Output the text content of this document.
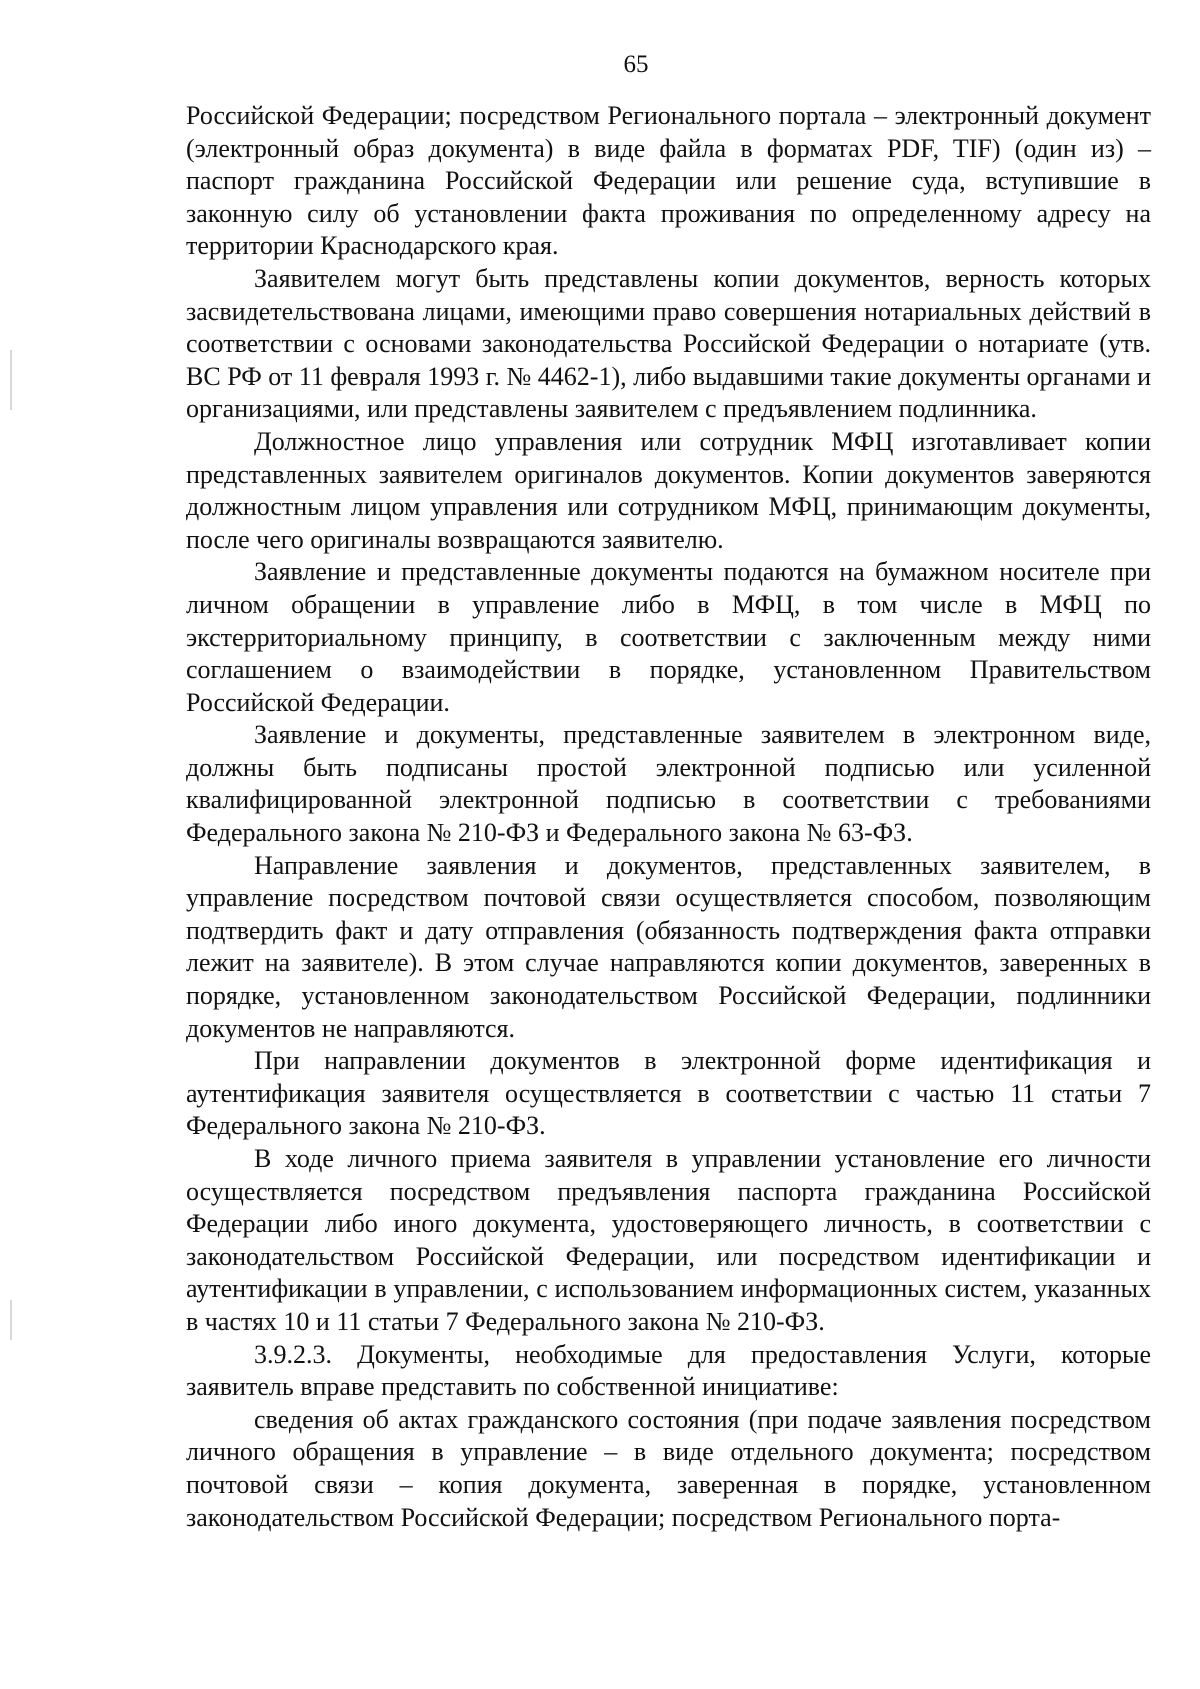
65

Российской Федерации; посредством Регионального портала – электронный документ (электронный образ документа) в виде файла в форматах PDF, TIF) (один из) – паспорт гражданина Российской Федерации или решение суда, вступившие в законную силу об установлении факта проживания по определенному адресу на территории Краснодарского края.

Заявителем могут быть представлены копии документов, верность которых засвидетельствована лицами, имеющими право совершения нотариальных действий в соответствии с основами законодательства Российской Федерации о нотариате (утв. ВС РФ от 11 февраля 1993 г. № 4462-1), либо выдавшими такие документы органами и организациями, или представлены заявителем с предъявлением подлинника.

Должностное лицо управления или сотрудник МФЦ изготавливает копии представленных заявителем оригиналов документов. Копии документов заверяются должностным лицом управления или сотрудником МФЦ, принимающим документы, после чего оригиналы возвращаются заявителю.

Заявление и представленные документы подаются на бумажном носителе при личном обращении в управление либо в МФЦ, в том числе в МФЦ по экстерриториальному принципу, в соответствии с заключенным между ними соглашением о взаимодействии в порядке, установленном Правительством Российской Федерации.

Заявление и документы, представленные заявителем в электронном виде, должны быть подписаны простой электронной подписью или усиленной квалифицированной электронной подписью в соответствии с требованиями Федерального закона № 210-ФЗ и Федерального закона № 63-ФЗ.

Направление заявления и документов, представленных заявителем, в управление посредством почтовой связи осуществляется способом, позволяющим подтвердить факт и дату отправления (обязанность подтверждения факта отправки лежит на заявителе). В этом случае направляются копии документов, заверенных в порядке, установленном законодательством Российской Федерации, подлинники документов не направляются.

При направлении документов в электронной форме идентификация и аутентификация заявителя осуществляется в соответствии с частью 11 статьи 7 Федерального закона № 210-ФЗ.

В ходе личного приема заявителя в управлении установление его личности осуществляется посредством предъявления паспорта гражданина Российской Федерации либо иного документа, удостоверяющего личность, в соответствии с законодательством Российской Федерации, или посредством идентификации и аутентификации в управлении, с использованием информационных систем, указанных в частях 10 и 11 статьи 7 Федерального закона № 210-ФЗ.

3.9.2.3. Документы, необходимые для предоставления Услуги, которые заявитель вправе представить по собственной инициативе:

сведения об актах гражданского состояния (при подаче заявления посредством личного обращения в управление – в виде отдельного документа; посредством почтовой связи – копия документа, заверенная в порядке, установленном законодательством Российской Федерации; посредством Регионального порта-
